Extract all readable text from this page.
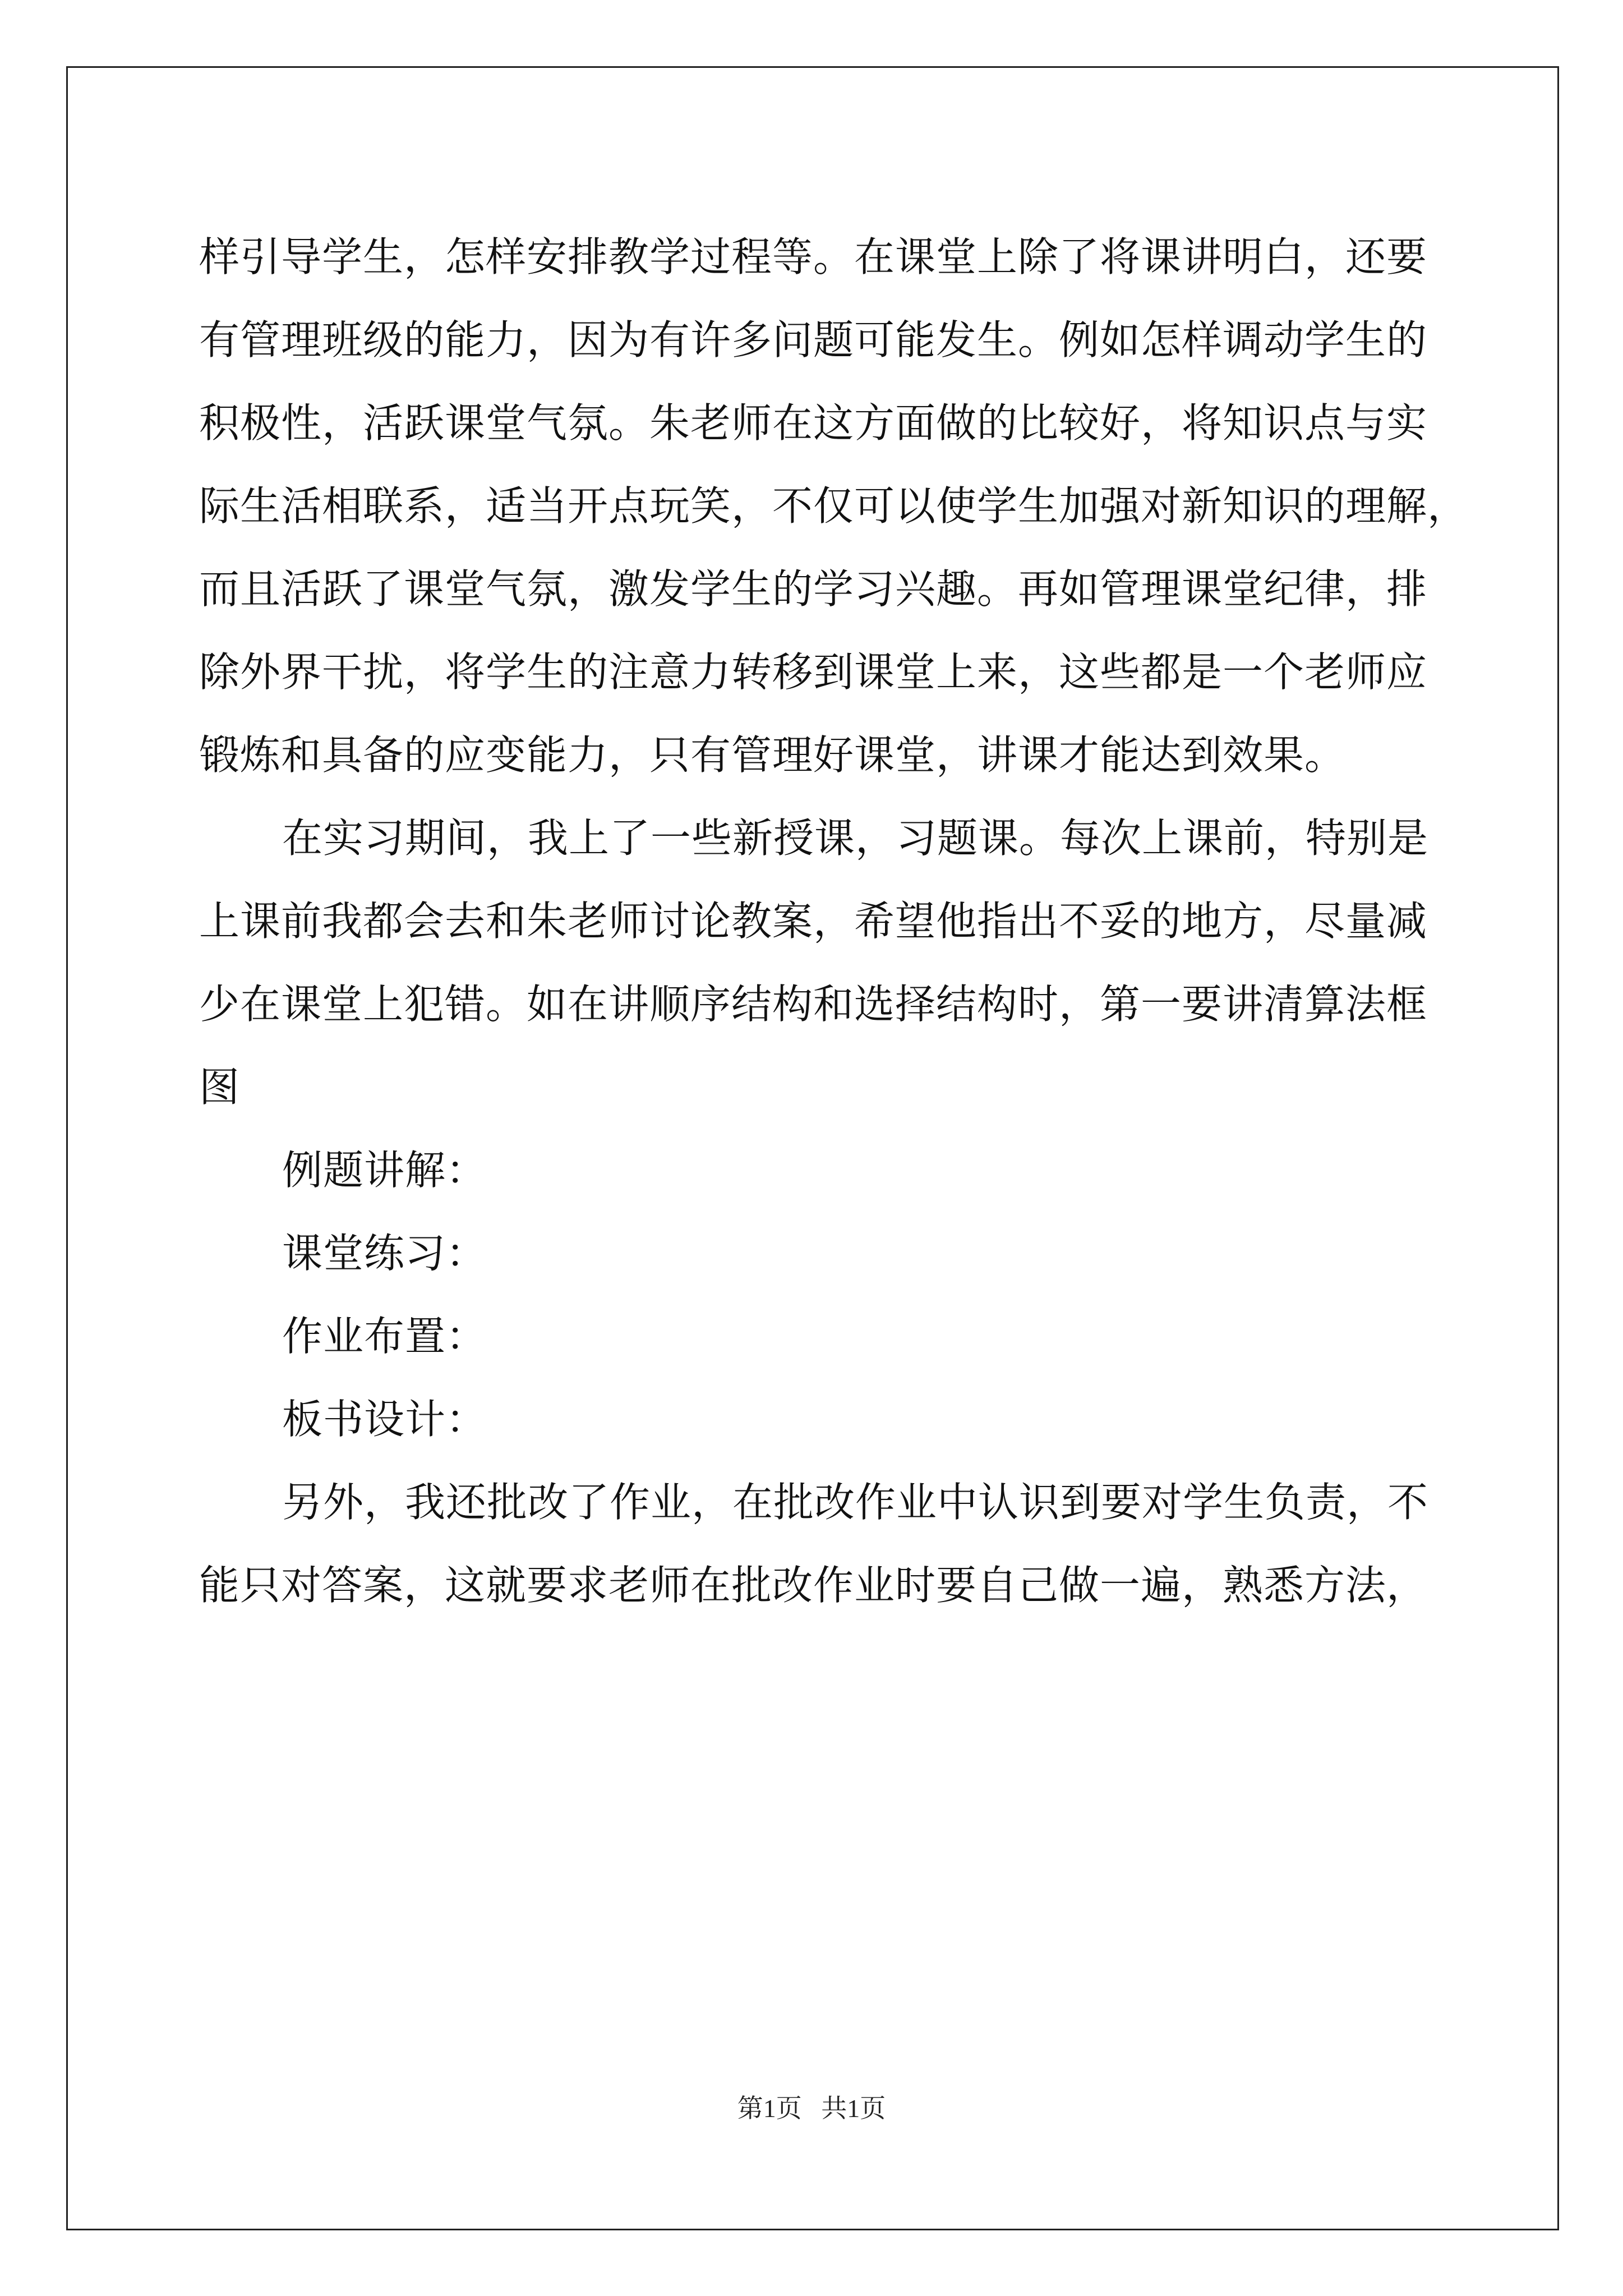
样引导学生，怎样安排教学过程等。在课堂上除了将课讲明白，还要
有管理班级的能力，因为有许多问题可能发生。例如怎样调动学生的
积极性，活跃课堂气氛。朱老师在这方面做的比较好，将知识点与实
际生活相联系，适当开点玩笑，不仅可以使学生加强对新知识的理解，
而且活跃了课堂气氛，激发学生的学习兴趣。再如管理课堂纪律，排
除外界干扰，将学生的注意力转移到课堂上来，这些都是一个老师应
锻炼和具备的应变能力，只有管理好课堂，讲课才能达到效果。
在实习期间，我上了一些新授课，习题课。每次上课前，特别是
上课前我都会去和朱老师讨论教案，希望他指出不妥的地方，尽量减
少在课堂上犯错。如在讲顺序结构和选择结构时，第一要讲清算法框
图
例题讲解：
课堂练习：
作业布置：
板书设计：
另外，我还批改了作业，在批改作业中认识到要对学生负责，不
能只对答案，这就要求老师在批改作业时要自己做一遍，熟悉方法，
第1页 共1页
